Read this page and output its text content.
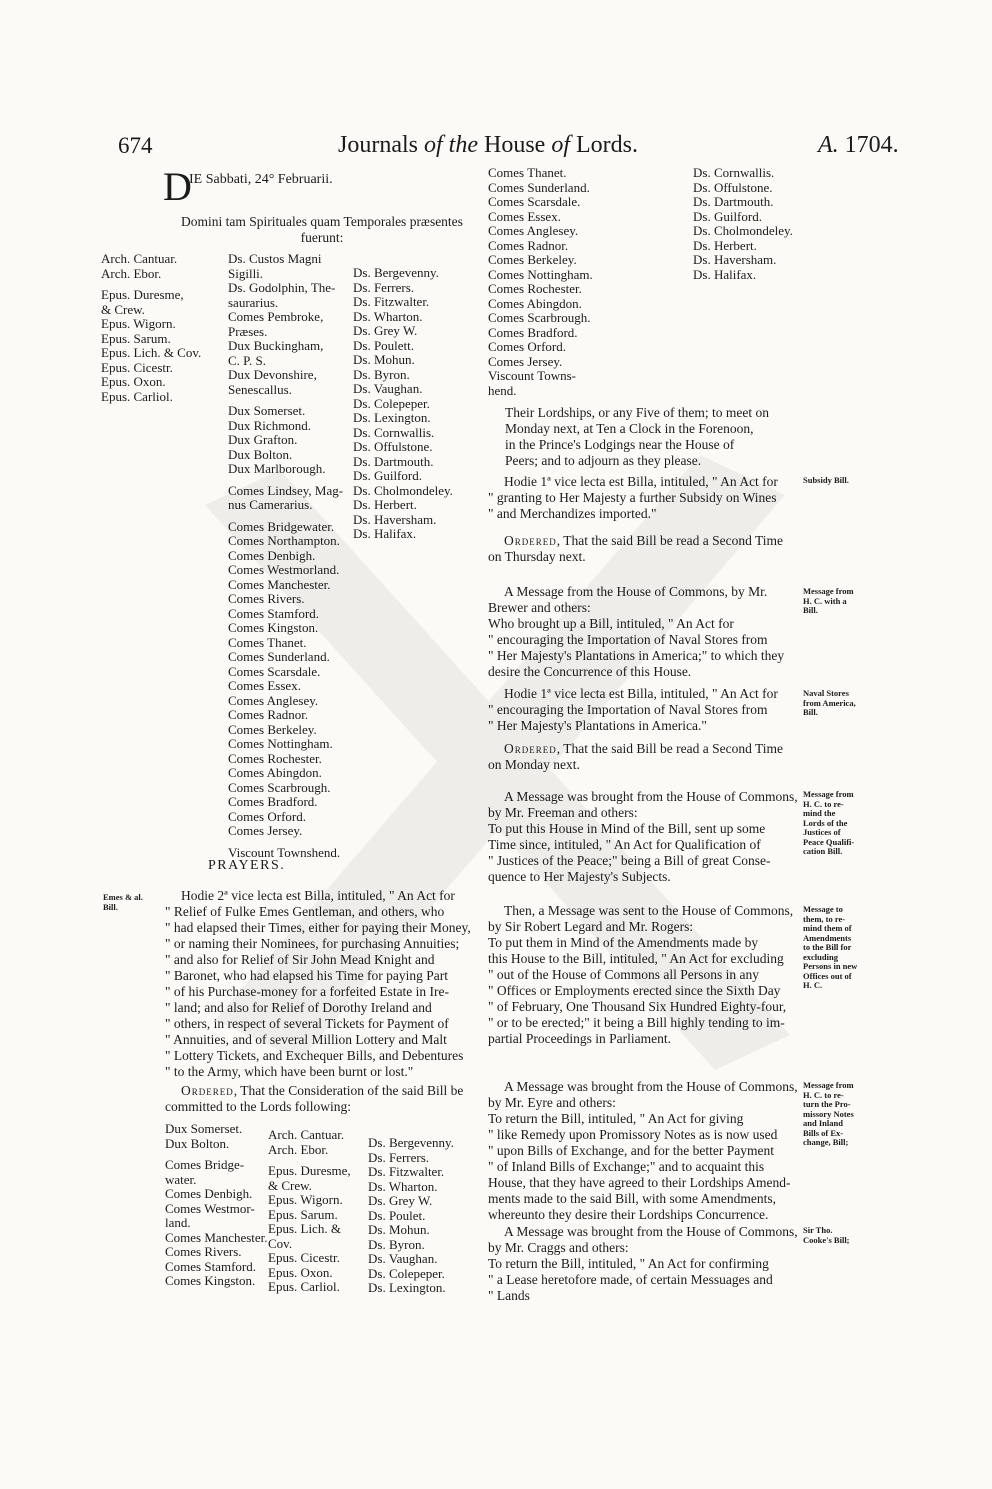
674	Journals of the House of Lords.	A. 1704.
D
IE Sabbati, 24° Februarii.
Domini tam Spirituales quam Temporales præsentes
fuerunt:
Arch. Cantuar.
Arch. Ebor.

Epus. Duresme,
& Crew.
Epus. Wigorn.
Epus. Sarum.
Epus. Lich. & Cov.
Epus. Cicestr.
Epus. Oxon.
Epus. Carliol.
Ds. Custos Magni
Sigilli.
Ds. Godolphin, The-
saurarius.
Comes Pembroke,
Præses.
Dux Buckingham,
C. P. S.
Dux Devonshire,
Senescallus.

Dux Somerset.
Dux Richmond.
Dux Grafton.
Dux Bolton.
Dux Marlborough.

Comes Lindsey, Mag-
nus Camerarius.

Comes Bridgewater.
Comes Northampton.
Comes Denbigh.
Comes Westmorland.
Comes Manchester.
Comes Rivers.
Comes Stamford.
Comes Kingston.
Comes Thanet.
Comes Sunderland.
Comes Scarsdale.
Comes Essex.
Comes Anglesey.
Comes Radnor.
Comes Berkeley.
Comes Nottingham.
Comes Rochester.
Comes Abingdon.
Comes Scarbrough.
Comes Bradford.
Comes Orford.
Comes Jersey.

Viscount Townshend.
Ds. Bergevenny.
Ds. Ferrers.
Ds. Fitzwalter.
Ds. Wharton.
Ds. Grey W.
Ds. Poulett.
Ds. Mohun.
Ds. Byron.
Ds. Vaughan.
Ds. Colepeper.
Ds. Lexington.
Ds. Cornwallis.
Ds. Offulstone.
Ds. Dartmouth.
Ds. Guilford.
Ds. Cholmondeley.
Ds. Herbert.
Ds. Haversham.
Ds. Halifax.
PRAYERS.
Emes & al.
Bill.
Hodie 2ª vice lecta est Billa, intituled, " An Act for
" Relief of Fulke Emes Gentleman, and others, who
" had elapsed their Times, either for paying their Money,
" or naming their Nominees, for purchasing Annuities;
" and also for Relief of Sir John Mead Knight and
" Baronet, who had elapsed his Time for paying Part
" of his Purchase-money for a forfeited Estate in Ire-
" land; and also for Relief of Dorothy Ireland and
" others, in respect of several Tickets for Payment of
" Annuities, and of several Million Lottery and Malt
" Lottery Tickets, and Exchequer Bills, and Debentures
" to the Army, which have been burnt or lost."
Ordered, That the Consideration of the said Bill be
committed to the Lords following:
Dux Somerset.
Dux Bolton.

Comes Bridge-
water.
Comes Denbigh.
Comes Westmor-
land.
Comes Manchester.
Comes Rivers.
Comes Stamford.
Comes Kingston.
Arch. Cantuar.
Arch. Ebor.

Epus. Duresme,
& Crew.
Epus. Wigorn.
Epus. Sarum.
Epus. Lich. &
Cov.
Epus. Cicestr.
Epus. Oxon.
Epus. Carliol.
Ds. Bergevenny.
Ds. Ferrers.
Ds. Fitzwalter.
Ds. Wharton.
Ds. Grey W.
Ds. Poulet.
Ds. Mohun.
Ds. Byron.
Ds. Vaughan.
Ds. Colepeper.
Ds. Lexington.
Comes Thanet.
Comes Sunderland.
Comes Scarsdale.
Comes Essex.
Comes Anglesey.
Comes Radnor.
Comes Berkeley.
Comes Nottingham.
Comes Rochester.
Comes Abingdon.
Comes Scarbrough.
Comes Bradford.
Comes Orford.
Comes Jersey.
Viscount Towns-
hend.
Ds. Cornwallis.
Ds. Offulstone.
Ds. Dartmouth.
Ds. Guilford.
Ds. Cholmondeley.
Ds. Herbert.
Ds. Haversham.
Ds. Halifax.
Their Lordships, or any Five of them; to meet on
Monday next, at Ten a Clock in the Forenoon,
in the Prince's Lodgings near the House of
Peers; and to adjourn as they please.
Subsidy Bill.
Hodie 1ª vice lecta est Billa, intituled, " An Act for
" granting to Her Majesty a further Subsidy on Wines
" and Merchandizes imported."
Ordered, That the said Bill be read a Second Time
on Thursday next.
Message from
H. C. with a
Bill.
A Message from the House of Commons, by Mr.
Brewer and others:
Who brought up a Bill, intituled, " An Act for
" encouraging the Importation of Naval Stores from
" Her Majesty's Plantations in America;" to which they
desire the Concurrence of this House.
Naval Stores
from America,
Bill.
Hodie 1ª vice lecta est Billa, intituled, " An Act for
" encouraging the Importation of Naval Stores from
" Her Majesty's Plantations in America."
Ordered, That the said Bill be read a Second Time
on Monday next.
Message from
H. C. to re-
mind the
Lords of the
Justices of
Peace Qualifi-
cation Bill.
A Message was brought from the House of Commons,
by Mr. Freeman and others:
To put this House in Mind of the Bill, sent up some
Time since, intituled, " An Act for Qualification of
" Justices of the Peace;" being a Bill of great Conse-
quence to Her Majesty's Subjects.
Message to
them, to re-
mind them of
Amendments
to the Bill for
excluding
Persons in new
Offices out of
H. C.
Then, a Message was sent to the House of Commons,
by Sir Robert Legard and Mr. Rogers:
To put them in Mind of the Amendments made by
this House to the Bill, intituled, " An Act for excluding
" out of the House of Commons all Persons in any
" Offices or Employments erected since the Sixth Day
" of February, One Thousand Six Hundred Eighty-four,
" or to be erected;" it being a Bill highly tending to im-
partial Proceedings in Parliament.
Message from
H. C. to re-
turn the Pro-
missory Notes
and Inland
Bills of Ex-
change, Bill;
A Message was brought from the House of Commons,
by Mr. Eyre and others:
To return the Bill, intituled, " An Act for giving
" like Remedy upon Promissory Notes as is now used
" upon Bills of Exchange, and for the better Payment
" of Inland Bills of Exchange;" and to acquaint this
House, that they have agreed to their Lordships Amend-
ments made to the said Bill, with some Amendments,
whereunto they desire their Lordships Concurrence.
Sir Tho.
Cooke's Bill;
A Message was brought from the House of Commons,
by Mr. Craggs and others:
To return the Bill, intituled, " An Act for confirming
" a Lease heretofore made, of certain Messuages and
" Lands
